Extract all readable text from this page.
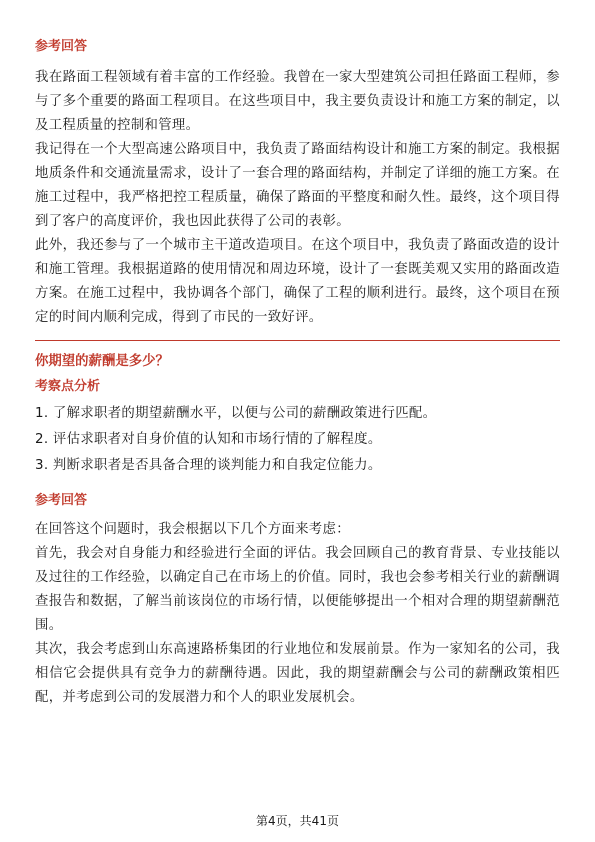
参考回答

我在路面工程领域有着丰富的工作经验。我曾在一家大型建筑公司担任路面工程师，参与了多个重要的路面工程项目。在这些项目中，我主要负责设计和施工方案的制定，以及工程质量的控制和管理。

我记得在一个大型高速公路项目中，我负责了路面结构设计和施工方案的制定。我根据地质条件和交通流量需求，设计了一套合理的路面结构，并制定了详细的施工方案。在施工过程中，我严格把控工程质量，确保了路面的平整度和耐久性。最终，这个项目得到了客户的高度评价，我也因此获得了公司的表彰。

此外，我还参与了一个城市主干道改造项目。在这个项目中，我负责了路面改造的设计和施工管理。我根据道路的使用情况和周边环境，设计了一套既美观又实用的路面改造方案。在施工过程中，我协调各个部门，确保了工程的顺利进行。最终，这个项目在预定的时间内顺利完成，得到了市民的一致好评。

你期望的薪酬是多少？

考察点分析

1. 了解求职者的期望薪酬水平，以便与公司的薪酬政策进行匹配。

2. 评估求职者对自身价值的认知和市场行情的了解程度。

3. 判断求职者是否具备合理的谈判能力和自我定位能力。

参考回答

在回答这个问题时，我会根据以下几个方面来考虑：

首先，我会对自身能力和经验进行全面的评估。我会回顾自己的教育背景、专业技能以及过往的工作经验，以确定自己在市场上的价值。同时，我也会参考相关行业的薪酬调查报告和数据，了解当前该岗位的市场行情，以便能够提出一个相对合理的期望薪酬范围。

其次，我会考虑到山东高速路桥集团的行业地位和发展前景。作为一家知名的公司，我相信它会提供具有竞争力的薪酬待遇。因此，我的期望薪酬会与公司的薪酬政策相匹配，并考虑到公司的发展潜力和个人的职业发展机会。

第4页，共41页
